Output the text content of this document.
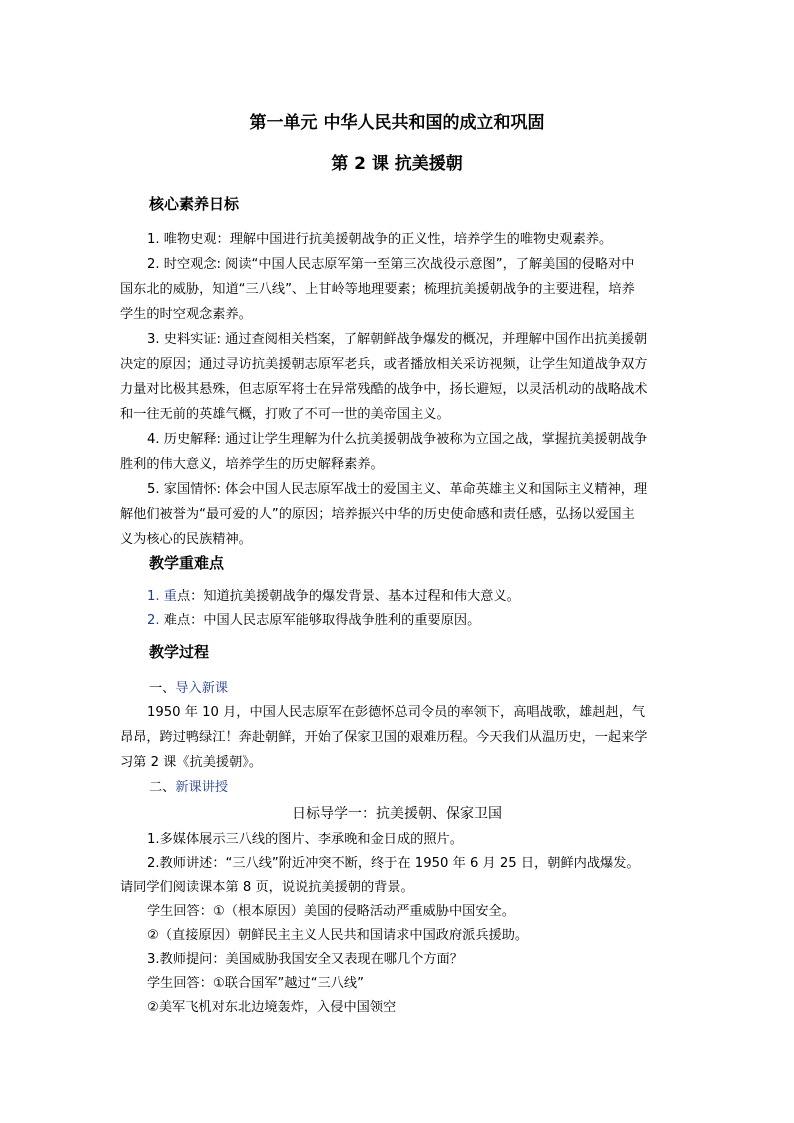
第一单元 中华人民共和国的成立和巩固
第 2 课 抗美援朝
核心素养日标
1. 唯物史观：理解中国进行抗美援朝战争的正义性，培养学生的唯物史观素养。
2. 时空观念: 阅读“中国人民志原军第一至第三次战役示意图”，了解美国的侵略对中
国东北的威胁，知道“三八线”、上甘岭等地理要素；梳理抗美援朝战争的主要进程，培养
学生的时空观念素养。
3. 史料实证: 通过查阅相关档案，了解朝鲜战争爆发的概况，并理解中国作出抗美援朝
决定的原因；通过寻访抗美援朝志原军老兵，或者播放相关采访视频，让学生知道战争双方
力量对比极其悬殊，但志原军将士在异常残酷的战争中，扬长避短，以灵活机动的战略战术
和一往无前的英雄气概，打败了不可一世的美帝国主义。
4. 历史解释: 通过让学生理解为什么抗美援朝战争被称为立国之战，掌握抗美援朝战争
胜利的伟大意义，培养学生的历史解释素养。
5. 家国情怀: 体会中国人民志原军战士的爱国主义、革命英雄主义和国际主义精神，理
解他们被誉为“最可爱的人”的原因；培养振兴中华的历史使命感和责任感，弘扬以爱国主
义为核心的民族精神。
教学重难点
1. 重点：知道抗美援朝战争的爆发背景、基本过程和伟大意义。
2. 难点：中国人民志原军能够取得战争胜利的重要原因。
教学过程
一、导入新课
1950 年 10 月，中国人民志原军在彭德怀总司令员的率领下，高唱战歌，雄赳赳，气
昂昂，跨过鸭绿江！奔赴朝鲜，开始了保家卫国的艰难历程。今天我们从温历史，一起来学
习第 2 课《抗美援朝》。
二、新课讲授
日标导学一：抗美援朝、保家卫国
1.多媒体展示三八线的图片、李承晚和金日成的照片。
2.教师讲述：“三八线”附近冲突不断，终于在 1950 年 6 月 25 日，朝鲜内战爆发。
请同学们阅读课本第 8 页，说说抗美援朝的背景。
学生回答：①（根本原因）美国的侵略活动严重威胁中国安全。
②（直接原因）朝鲜民主主义人民共和国请求中国政府派兵援助。
3.教师提问：美国威胁我国安全又表现在哪几个方面？
学生回答：①联合国军”越过“三八线”
②美军飞机对东北边境轰炸，入侵中国领空
